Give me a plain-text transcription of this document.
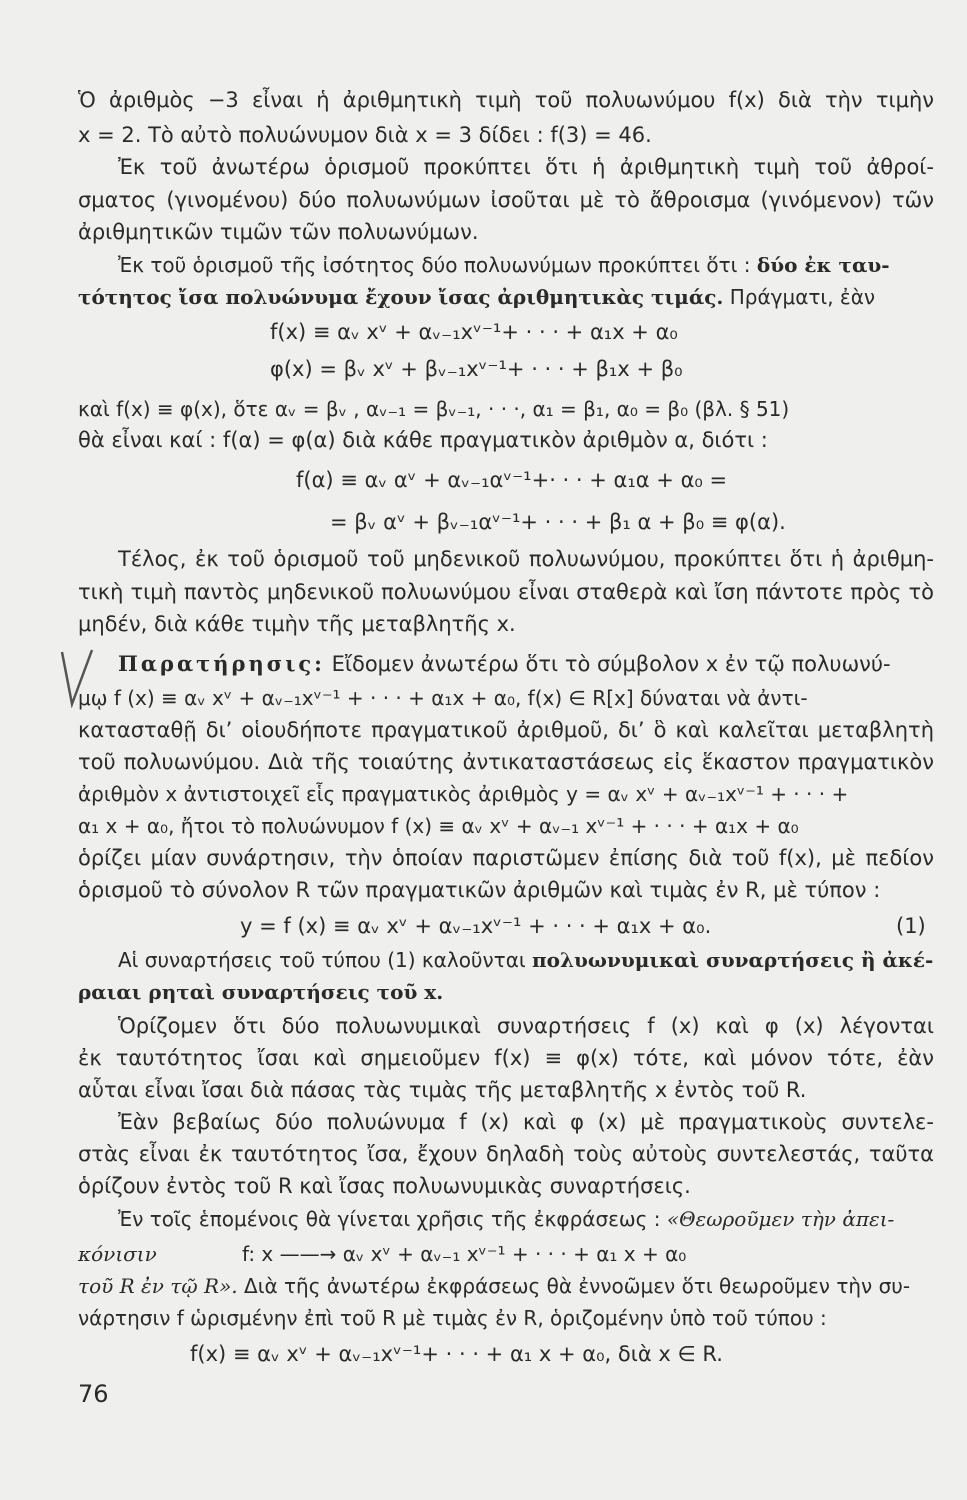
Ὁ ἀριθμὸς −3 εἶναι ἡ ἀριθμητικὴ τιμὴ τοῦ πολυωνύμου f(x) διὰ τὴν τιμὴν
x = 2. Τὸ αὐτὸ πολυώνυμον διὰ x = 3 δίδει : f(3) = 46.
Ἐκ τοῦ ἀνωτέρω ὁρισμοῦ προκύπτει ὅτι ἡ ἀριθμητικὴ τιμὴ τοῦ ἀθροί-
σματος (γινομένου) δύο πολυωνύμων ἰσοῦται μὲ τὸ ἄθροισμα (γινόμενον) τῶν
ἀριθμητικῶν τιμῶν τῶν πολυωνύμων.
Ἐκ τοῦ ὁρισμοῦ τῆς ἰσότητος δύο πολυωνύμων προκύπτει ὅτι : δύο ἐκ ταυ-
τότητος ἴσα πολυώνυμα ἔχουν ἴσας ἀριθμητικὰς τιμάς. Πράγματι, ἐὰν
f(x) ≡ αᵥ xᵛ + αᵥ₋₁xᵛ⁻¹+ · · · + α₁x + α₀
φ(x) = βᵥ xᵛ + βᵥ₋₁xᵛ⁻¹+ · · · + β₁x + β₀
καὶ f(x) ≡ φ(x), ὅτε αᵥ = βᵥ , αᵥ₋₁ = βᵥ₋₁, · · ·, α₁ = β₁, α₀ = β₀ (βλ. § 51)
θὰ εἶναι καί : f(α) = φ(α) διὰ κάθε πραγματικὸν ἀριθμὸν α, διότι :
f(α) ≡ αᵥ αᵛ + αᵥ₋₁αᵛ⁻¹+· · · + α₁α + α₀ =
= βᵥ αᵛ + βᵥ₋₁αᵛ⁻¹+ · · · + β₁ α + β₀ ≡ φ(α).
Τέλος, ἐκ τοῦ ὁρισμοῦ τοῦ μηδενικοῦ πολυωνύμου, προκύπτει ὅτι ἡ ἀριθμη-
τικὴ τιμὴ παντὸς μηδενικοῦ πολυωνύμου εἶναι σταθερὰ καὶ ἴση πάντοτε πρὸς τὸ
μηδέν, διὰ κάθε τιμὴν τῆς μεταβλητῆς x.
Παρατήρησις: Εἴδομεν ἀνωτέρω ὅτι τὸ σύμβολον x ἐν τῷ πολυωνύ-
μῳ f (x) ≡ αᵥ xᵛ + αᵥ₋₁xᵛ⁻¹ + · · · + α₁x + α₀, f(x) ∈ R[x] δύναται νὰ ἀντι-
κατασταθῇ δι’ οἱουδήποτε πραγματικοῦ ἀριθμοῦ, δι’ ὃ καὶ καλεῖται μεταβλητὴ
τοῦ πολυωνύμου. Διὰ τῆς τοιαύτης ἀντικαταστάσεως εἰς ἕκαστον πραγματικὸν
ἀριθμὸν x ἀντιστοιχεῖ εἷς πραγματικὸς ἀριθμὸς y = αᵥ xᵛ + αᵥ₋₁xᵛ⁻¹ + · · · +
α₁ x + α₀, ἤτοι τὸ πολυώνυμον f (x) ≡ αᵥ xᵛ + αᵥ₋₁ xᵛ⁻¹ + · · · + α₁x + α₀
ὁρίζει μίαν συνάρτησιν, τὴν ὁποίαν παριστῶμεν ἐπίσης διὰ τοῦ f(x), μὲ πεδίον
ὁρισμοῦ τὸ σύνολον R τῶν πραγματικῶν ἀριθμῶν καὶ τιμὰς ἐν R, μὲ τύπον :
y = f (x) ≡ αᵥ xᵛ + αᵥ₋₁xᵛ⁻¹ + · · · + α₁x + α₀.	(1)
Αἱ συναρτήσεις τοῦ τύπου (1) καλοῦνται πολυωνυμικαὶ συναρτήσεις ἢ ἀκέ-
ραιαι ρηταὶ συναρτήσεις τοῦ x.
Ὁρίζομεν ὅτι δύο πολυωνυμικαὶ συναρτήσεις f (x) καὶ φ (x) λέγονται
ἐκ ταυτότητος ἴσαι καὶ σημειοῦμεν f(x) ≡ φ(x) τότε, καὶ μόνον τότε, ἐὰν
αὗται εἶναι ἴσαι διὰ πάσας τὰς τιμὰς τῆς μεταβλητῆς x ἐντὸς τοῦ R.
Ἐὰν βεβαίως δύο πολυώνυμα f (x) καὶ φ (x) μὲ πραγματικοὺς συντελε-
στὰς εἶναι ἐκ ταυτότητος ἴσα, ἔχουν δηλαδὴ τοὺς αὐτοὺς συντελεστάς, ταῦτα
ὁρίζουν ἐντὸς τοῦ R καὶ ἴσας πολυωνυμικὰς συναρτήσεις.
Ἐν τοῖς ἑπομένοις θὰ γίνεται χρῆσις τῆς ἐκφράσεως : «Θεωροῦμεν τὴν ἀπει-
κόνισιν	f: x ——→ αᵥ xᵛ + αᵥ₋₁ xᵛ⁻¹ + · · · + α₁ x + α₀
τοῦ R ἐν τῷ R». Διὰ τῆς ἀνωτέρω ἐκφράσεως θὰ ἐννοῶμεν ὅτι θεωροῦμεν τὴν συ-
νάρτησιν f ὡρισμένην ἐπὶ τοῦ R μὲ τιμὰς ἐν R, ὁριζομένην ὑπὸ τοῦ τύπου :
f(x) ≡ αᵥ xᵛ + αᵥ₋₁xᵛ⁻¹+ · · · + α₁ x + α₀, διὰ x ∈ R.
76
